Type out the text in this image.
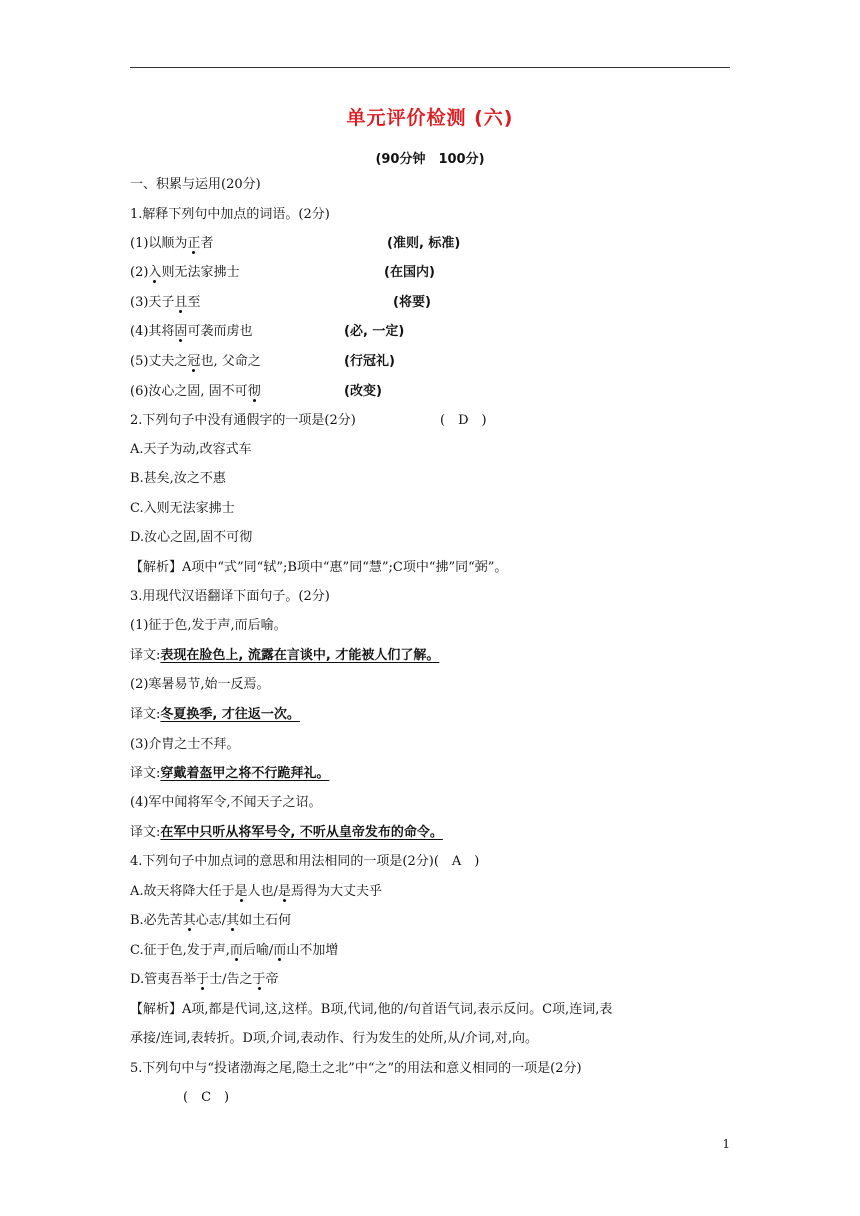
单元评价检测 (六)
(90分钟　100分)
一、积累与运用(20分)
1.解释下列句中加点的词语。(2分)
(1)以顺为正者	(准则, 标准)
(2)入则无法家拂士	(在国内)
(3)天子且至	(将要)
(4)其将固可袭而虏也	(必, 一定)
(5)丈夫之冠也, 父命之	(行冠礼)
(6)汝心之固, 固不可彻	(改变)
2.下列句子中没有通假字的一项是(2分)	(　D　)
A.天子为动,改容式车
B.甚矣,汝之不惠
C.入则无法家拂士
D.汝心之固,固不可彻
【解析】A项中“式”同“轼”;B项中“惠”同“慧”;C项中“拂”同“弼”。
3.用现代汉语翻译下面句子。(2分)
(1)征于色,发于声,而后喻。
译文:表现在脸色上, 流露在言谈中, 才能被人们了解。
(2)寒暑易节,始一反焉。
译文:冬夏换季, 才往返一次。
(3)介胄之士不拜。
译文:穿戴着盔甲之将不行跪拜礼。
(4)军中闻将军令,不闻天子之诏。
译文:在军中只听从将军号令, 不听从皇帝发布的命令。
4.下列句子中加点词的意思和用法相同的一项是(2分)(　A　)
A.故天将降大任于是人也/是焉得为大丈夫乎
B.必先苦其心志/其如土石何
C.征于色,发于声,而后喻/而山不加增
D.管夷吾举于士/告之于帝
【解析】A项,都是代词,这,这样。B项,代词,他的/句首语气词,表示反问。C项,连词,表
承接/连词,表转折。D项,介词,表动作、行为发生的处所,从/介词,对,向。
5.下列句中与“投诸渤海之尾,隐土之北”中“之”的用法和意义相同的一项是(2分)
(　C　)
1
